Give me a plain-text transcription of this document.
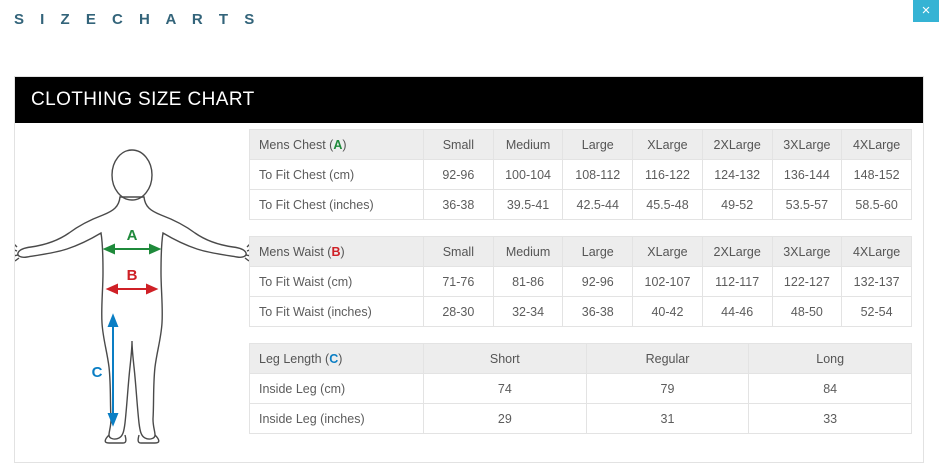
×
S I Z E C H A R T S
CLOTHING SIZE CHART
A
B
C
Mens Chest (A)	Small	Medium	Large	XLarge	2XLarge	3XLarge	4XLarge
To Fit Chest (cm)	92-96	100-104	108-112	116-122	124-132	136-144	148-152
To Fit Chest (inches)	36-38	39.5-41	42.5-44	45.5-48	49-52	53.5-57	58.5-60
Mens Waist (B)	Small	Medium	Large	XLarge	2XLarge	3XLarge	4XLarge
To Fit Waist (cm)	71-76	81-86	92-96	102-107	112-117	122-127	132-137
To Fit Waist (inches)	28-30	32-34	36-38	40-42	44-46	48-50	52-54
Leg Length (C)	Short	Regular	Long
Inside Leg (cm)	74	79	84
Inside Leg (inches)	29	31	33
